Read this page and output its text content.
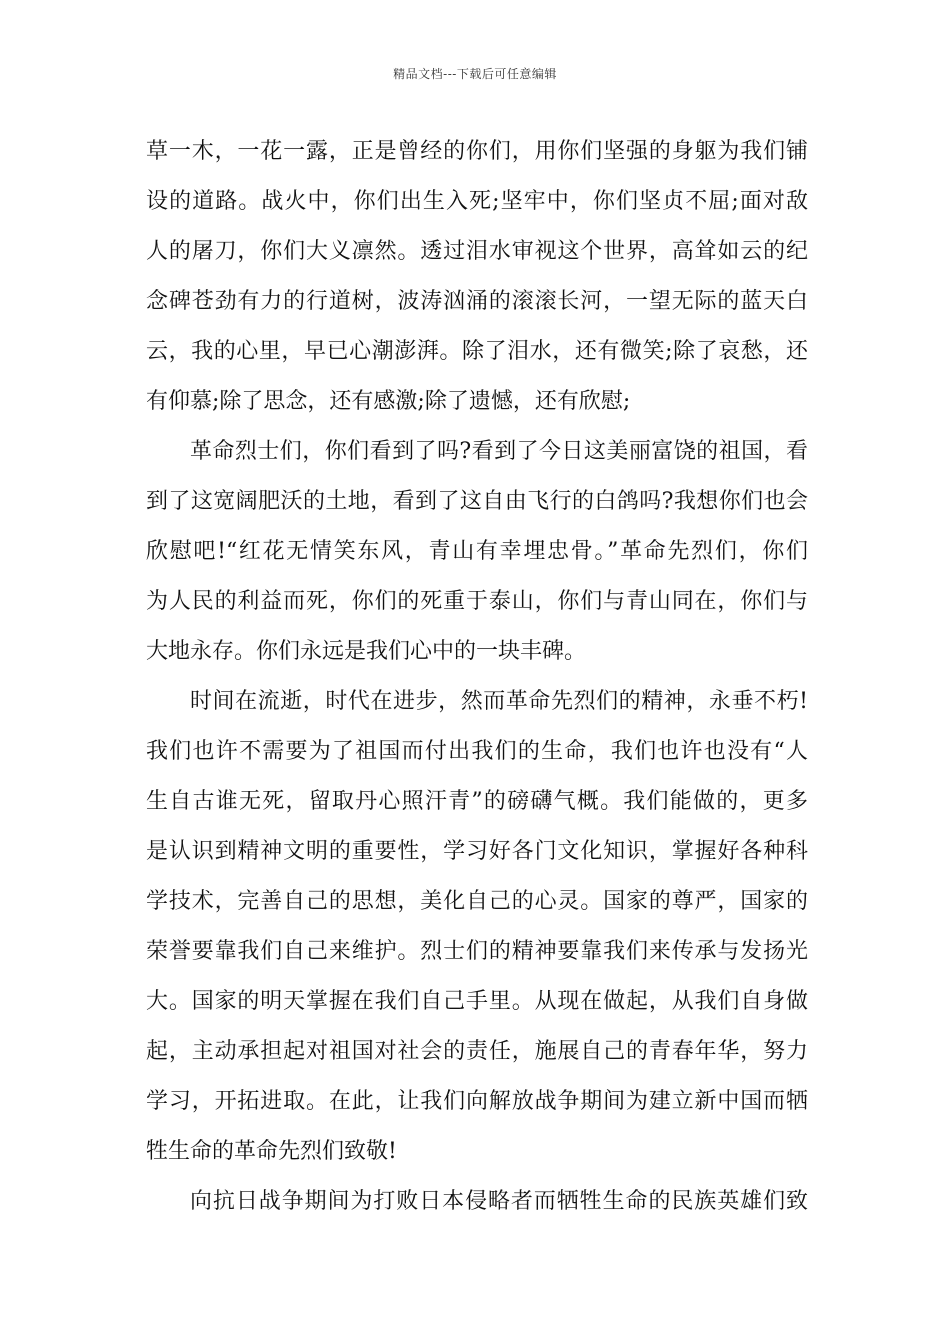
精品文档---下载后可任意编辑
草一木，一花一露，正是曾经的你们，用你们坚强的身躯为我们铺
设的道路。战火中，你们出生入死;坚牢中，你们坚贞不屈;面对敌
人的屠刀，你们大义凛然。透过泪水审视这个世界，高耸如云的纪
念碑苍劲有力的行道树，波涛汹涌的滚滚长河，一望无际的蓝天白
云，我的心里，早已心潮澎湃。除了泪水，还有微笑;除了哀愁，还
有仰慕;除了思念，还有感激;除了遗憾，还有欣慰;
革命烈士们，你们看到了吗?看到了今日这美丽富饶的祖国，看
到了这宽阔肥沃的土地，看到了这自由飞行的白鸽吗?我想你们也会
欣慰吧!“红花无情笑东风，青山有幸埋忠骨。”革命先烈们，你们
为人民的利益而死，你们的死重于泰山，你们与青山同在，你们与
大地永存。你们永远是我们心中的一块丰碑。
时间在流逝，时代在进步，然而革命先烈们的精神，永垂不朽!
我们也许不需要为了祖国而付出我们的生命，我们也许也没有“人
生自古谁无死，留取丹心照汗青”的磅礴气概。我们能做的，更多
是认识到精神文明的重要性，学习好各门文化知识，掌握好各种科
学技术，完善自己的思想，美化自己的心灵。国家的尊严，国家的
荣誉要靠我们自己来维护。烈士们的精神要靠我们来传承与发扬光
大。国家的明天掌握在我们自己手里。从现在做起，从我们自身做
起，主动承担起对祖国对社会的责任，施展自己的青春年华，努力
学习，开拓进取。在此，让我们向解放战争期间为建立新中国而牺
牲生命的革命先烈们致敬!
向抗日战争期间为打败日本侵略者而牺牲生命的民族英雄们致
